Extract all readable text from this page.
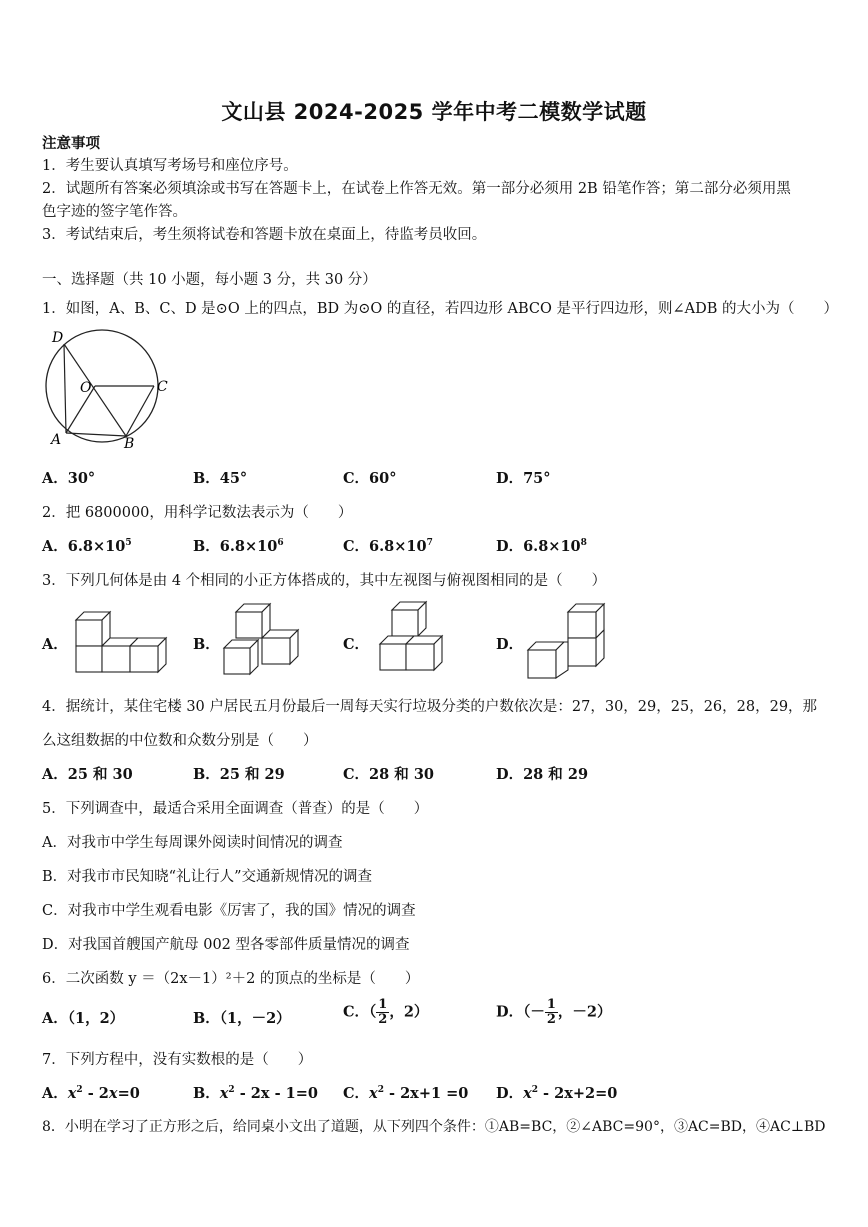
文山县 2024-2025 学年中考二模数学试题
注意事项
1．考生要认真填写考场号和座位序号。
2．试题所有答案必须填涂或书写在答题卡上，在试卷上作答无效。第一部分必须用 2B 铅笔作答；第二部分必须用黑
色字迹的签字笔作答。
3．考试结束后，考生须将试卷和答题卡放在桌面上，待监考员收回。
一、选择题（共 10 小题，每小题 3 分，共 30 分）
1．如图，A、B、C、D 是⊙O 上的四点，BD 为⊙O 的直径，若四边形 ABCO 是平行四边形，则∠ADB 的大小为（　　）
D
O	C
A	B
A．30°	B．45°	C．60°	D．75°
2．把 6800000，用科学记数法表示为（　　）
A．$6.8\times 10^5$	B．$6.8\times 10^6$	C．$6.8\times 10^7$	D．$6.8\times 10^8$
3．下列几何体是由 4 个相同的小正方体搭成的，其中左视图与俯视图相同的是（　　）
A．	B．	C．	D．
4．据统计，某住宅楼 30 户居民五月份最后一周每天实行垃圾分类的户数依次是：27，30，29，25，26，28，29，那
么这组数据的中位数和众数分别是（　　）
A．25 和 30	B．25 和 29	C．28 和 30	D．28 和 29
5．下列调查中，最适合采用全面调查（普查）的是（　　）
A．对我市中学生每周课外阅读时间情况的调查
B．对我市市民知晓“礼让行人”交通新规情况的调查
C．对我市中学生观看电影《厉害了，我的国》情况的调查
D．对我国首艘国产航母 002 型各零部件质量情况的调查
6．二次函数 y ＝（2x－1）²＋2 的顶点的坐标是（　　）
A．（1，2）	B．（1，－2）	C．（ $\frac{1}{2}$ ，2）	D．（－ $\frac{1}{2}$ ，－2）
7．下列方程中，没有实数根的是（　　）
A．$x^2 - 2x=0$	B．$x^2 - 2x - 1=0$ C．$x^2 - 2x+1 =0$ D．$x^2 - 2x+2=0$
8．小明在学习了正方形之后，给同桌小文出了道题，从下列四个条件：①AB=BC，②∠ABC=90°，③AC=BD，④AC⊥BD
